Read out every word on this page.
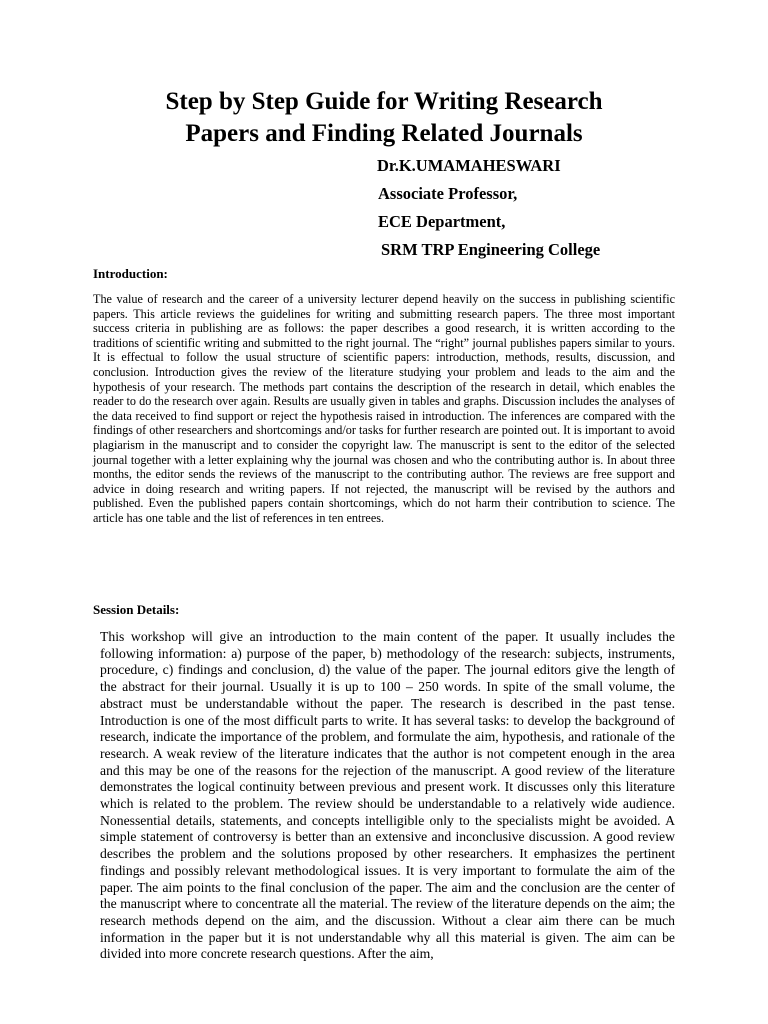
Step by Step Guide for Writing Research
Papers and Finding Related Journals
Dr.K.UMAMAHESWARI
Associate Professor,
ECE Department,
SRM TRP Engineering College
Introduction:

The value of research and the career of a university lecturer depend heavily on the success in publishing scientific papers. This article reviews the guidelines for writing and submitting research papers. The three most important success criteria in publishing are as follows: the paper describes a good research, it is written according to the traditions of scientific writing and submitted to the right journal. The “right” journal publishes papers similar to yours. It is effectual to follow the usual structure of scientific papers: introduction, methods, results, discussion, and conclusion. Introduction gives the review of the literature studying your problem and leads to the aim and the hypothesis of your research. The methods part contains the description of the research in detail, which enables the reader to do the research over again. Results are usually given in tables and graphs. Discussion includes the analyses of the data received to find support or reject the hypothesis raised in introduction. The inferences are compared with the findings of other researchers and shortcomings and/or tasks for further research are pointed out. It is important to avoid plagiarism in the manuscript and to consider the copyright law. The manuscript is sent to the editor of the selected journal together with a letter explaining why the journal was chosen and who the contributing author is. In about three months, the editor sends the reviews of the manuscript to the contributing author. The reviews are free support and advice in doing research and writing papers. If not rejected, the manuscript will be revised by the authors and published. Even the published papers contain shortcomings, which do not harm their contribution to science. The article has one table and the list of references in ten entrees.

Session Details:

This workshop will give an introduction to the main content of the paper. It usually includes the following information: a) purpose of the paper, b) methodology of the research: subjects, instruments, procedure, c) findings and conclusion, d) the value of the paper. The journal editors give the length of the abstract for their journal. Usually it is up to 100 – 250 words. In spite of the small volume, the abstract must be understandable without the paper. The research is described in the past tense. Introduction is one of the most difficult parts to write. It has several tasks: to develop the background of research, indicate the importance of the problem, and formulate the aim, hypothesis, and rationale of the research. A weak review of the literature indicates that the author is not competent enough in the area and this may be one of the reasons for the rejection of the manuscript. A good review of the literature demonstrates the logical continuity between previous and present work. It discusses only this literature which is related to the problem. The review should be understandable to a relatively wide audience. Nonessential details, statements, and concepts intelligible only to the specialists might be avoided. A simple statement of controversy is better than an extensive and inconclusive discussion. A good review describes the problem and the solutions proposed by other researchers. It emphasizes the pertinent findings and possibly relevant methodological issues. It is very important to formulate the aim of the paper. The aim points to the final conclusion of the paper. The aim and the conclusion are the center of the manuscript where to concentrate all the material. The review of the literature depends on the aim; the research methods depend on the aim, and the discussion. Without a clear aim there can be much information in the paper but it is not understandable why all this material is given. The aim can be divided into more concrete research questions. After the aim,
